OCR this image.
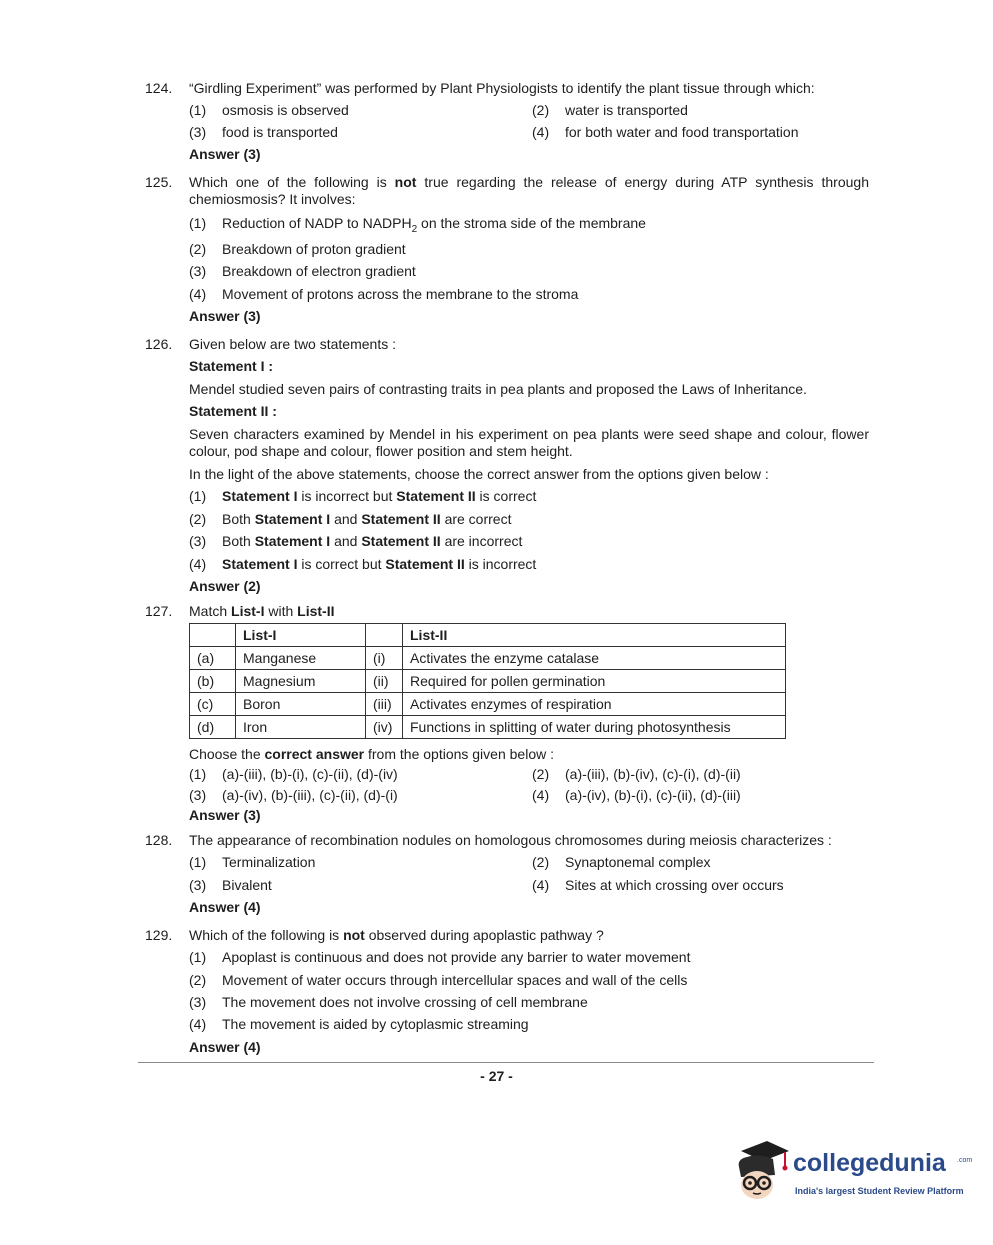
124. “Girdling Experiment” was performed by Plant Physiologists to identify the plant tissue through which:
(1) osmosis is observed	(2) water is transported
(3) food is transported	(4) for both water and food transportation
Answer (3)
125. Which one of the following is not true regarding the release of energy during ATP synthesis through chemiosmosis? It involves:
(1) Reduction of NADP to $NADPH_2$ on the stroma side of the membrane
(2) Breakdown of proton gradient
(3) Breakdown of electron gradient
(4) Movement of protons across the membrane to the stroma
Answer (3)
126. Given below are two statements :
Statement I :
Mendel studied seven pairs of contrasting traits in pea plants and proposed the Laws of Inheritance.
Statement II :
Seven characters examined by Mendel in his experiment on pea plants were seed shape and colour, flower colour, pod shape and colour, flower position and stem height.
In the light of the above statements, choose the correct answer from the options given below :
(1) Statement I is incorrect but Statement II is correct
(2) Both Statement I and Statement II are correct
(3) Both Statement I and Statement II are incorrect
(4) Statement I is correct but Statement II is incorrect
Answer (2)
127. Match List-I with List-II
	List-I		List-II
(a)	Manganese	(i)	Activates the enzyme catalase
(b)	Magnesium	(ii)	Required for pollen germination
(c)	Boron	(iii)	Activates enzymes of respiration
(d)	Iron	(iv)	Functions in splitting of water during photosynthesis
Choose the correct answer from the options given below :
(1) (a)-(iii), (b)-(i), (c)-(ii), (d)-(iv)	(2) (a)-(iii), (b)-(iv), (c)-(i), (d)-(ii)
(3) (a)-(iv), (b)-(iii), (c)-(ii), (d)-(i)	(4) (a)-(iv), (b)-(i), (c)-(ii), (d)-(iii)
Answer (3)
128. The appearance of recombination nodules on homologous chromosomes during meiosis characterizes :
(1) Terminalization	(2) Synaptonemal complex
(3) Bivalent	(4) Sites at which crossing over occurs
Answer (4)
129. Which of the following is not observed during apoplastic pathway ?
(1) Apoplast is continuous and does not provide any barrier to water movement
(2) Movement of water occurs through intercellular spaces and wall of the cells
(3) The movement does not involve crossing of cell membrane
(4) The movement is aided by cytoplasmic streaming
Answer (4)
- 27 -
collegedunia .com
India's largest Student Review Platform
